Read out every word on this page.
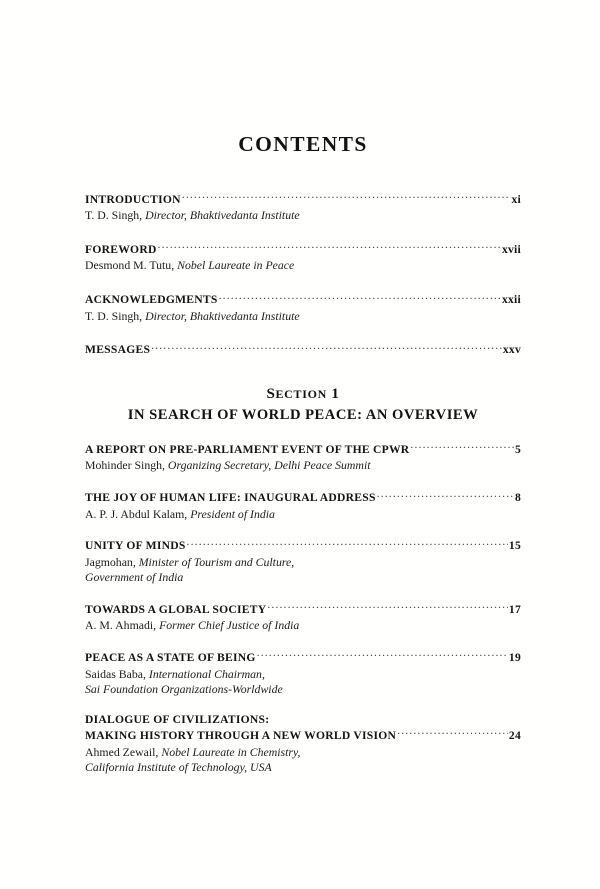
CONTENTS
INTRODUCTION .....	xi
T. D. Singh, Director, Bhaktivedanta Institute
FOREWORD .....	xvii
Desmond M. Tutu, Nobel Laureate in Peace
ACKNOWLEDGMENTS .....	xxii
T. D. Singh, Director, Bhaktivedanta Institute
MESSAGES .....	xxv
SECTION 1
IN SEARCH OF WORLD PEACE: AN OVERVIEW
A REPORT ON PRE-PARLIAMENT EVENT OF THE CPWR .....	5
Mohinder Singh, Organizing Secretary, Delhi Peace Summit
THE JOY OF HUMAN LIFE: INAUGURAL ADDRESS .....	8
A. P. J. Abdul Kalam, President of India
UNITY OF MINDS .....	15
Jagmohan, Minister of Tourism and Culture,
Government of India
TOWARDS A GLOBAL SOCIETY .....	17
A. M. Ahmadi, Former Chief Justice of India
PEACE AS A STATE OF BEING .....	19
Saidas Baba, International Chairman,
Sai Foundation Organizations-Worldwide
DIALOGUE OF CIVILIZATIONS:
MAKING HISTORY THROUGH A NEW WORLD VISION .....	24
Ahmed Zewail, Nobel Laureate in Chemistry,
California Institute of Technology, USA
